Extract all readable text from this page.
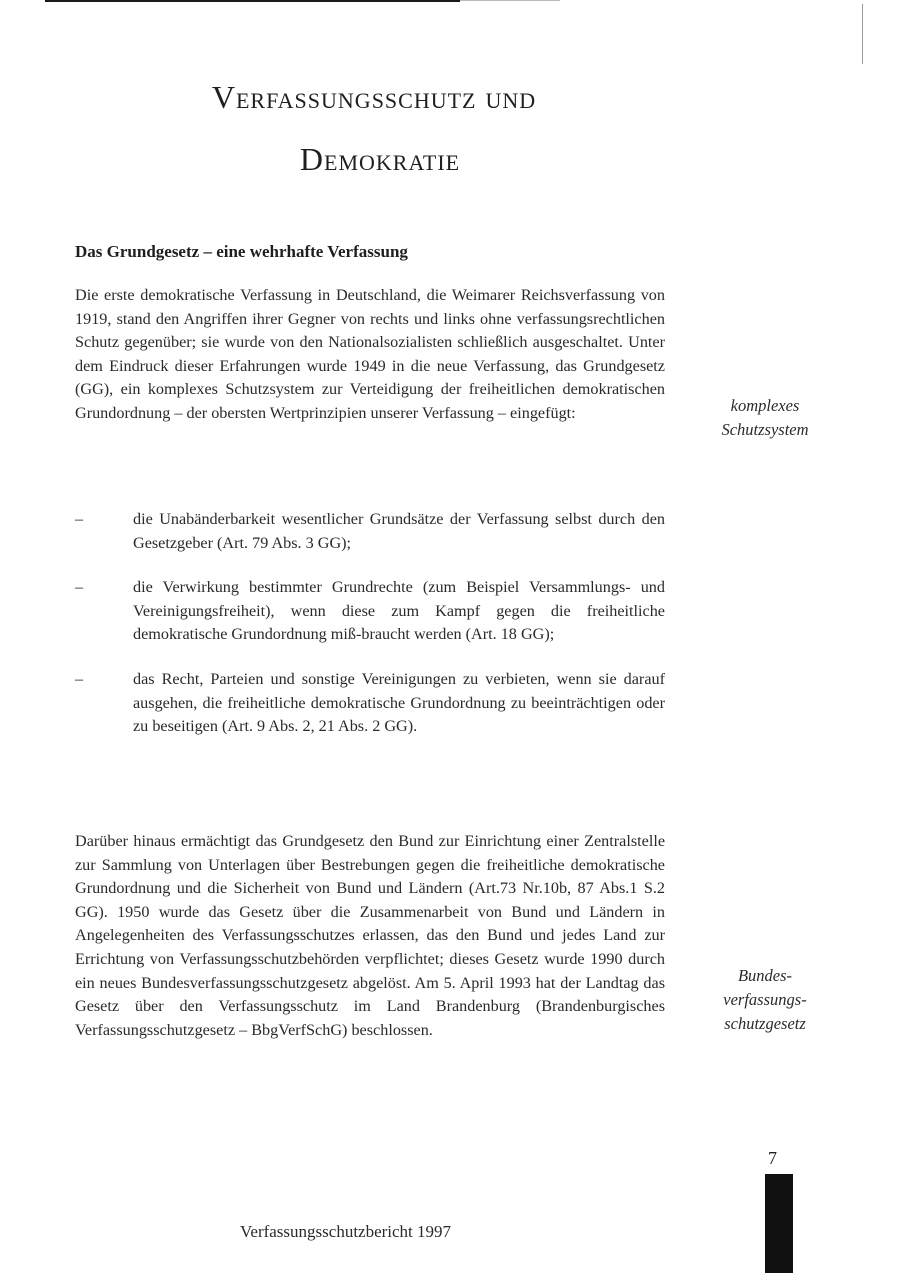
Verfassungsschutz und
Demokratie
Das Grundgesetz – eine wehrhafte Verfassung

Die erste demokratische Verfassung in Deutschland, die Weimarer Reichsverfassung von 1919, stand den Angriffen ihrer Gegner von rechts und links ohne verfassungsrechtlichen Schutz gegenüber; sie wurde von den Nationalsozialisten schließlich ausgeschaltet. Unter dem Eindruck dieser Erfahrungen wurde 1949 in die neue Verfassung, das Grundgesetz (GG), ein komplexes Schutzsystem zur Verteidigung der freiheitlichen demokratischen Grundordnung – der obersten Wertprinzipien unserer Verfassung – eingefügt:

–	die Unabänderbarkeit wesentlicher Grundsätze der Verfassung selbst durch den Gesetzgeber (Art. 79 Abs. 3 GG);
–	die Verwirkung bestimmter Grundrechte (zum Beispiel Versammlungs- und Vereinigungsfreiheit), wenn diese zum Kampf gegen die freiheitliche demokratische Grundordnung miß-braucht werden (Art. 18 GG);
–	das Recht, Parteien und sonstige Vereinigungen zu verbieten, wenn sie darauf ausgehen, die freiheitliche demokratische Grundordnung zu beeinträchtigen oder zu beseitigen (Art. 9 Abs. 2, 21 Abs. 2 GG).

Darüber hinaus ermächtigt das Grundgesetz den Bund zur Einrichtung einer Zentralstelle zur Sammlung von Unterlagen über Bestrebungen gegen die freiheitliche demokratische Grundordnung und die Sicherheit von Bund und Ländern (Art.73 Nr.10b, 87 Abs.1 S.2 GG). 1950 wurde das Gesetz über die Zusammenarbeit von Bund und Ländern in Angelegenheiten des Verfassungsschutzes erlassen, das den Bund und jedes Land zur Errichtung von Verfassungsschutzbehörden verpflichtet; dieses Gesetz wurde 1990 durch ein neues Bundesverfassungsschutzgesetz abgelöst. Am 5. April 1993 hat der Landtag das Gesetz über den Verfassungsschutz im Land Brandenburg (Brandenburgisches Verfassungsschutzgesetz – BbgVerfSchG) beschlossen.

komplexes
Schutzsystem
Bundes-
verfassungs-
schutzgesetz
7
Verfassungsschutzbericht 1997
